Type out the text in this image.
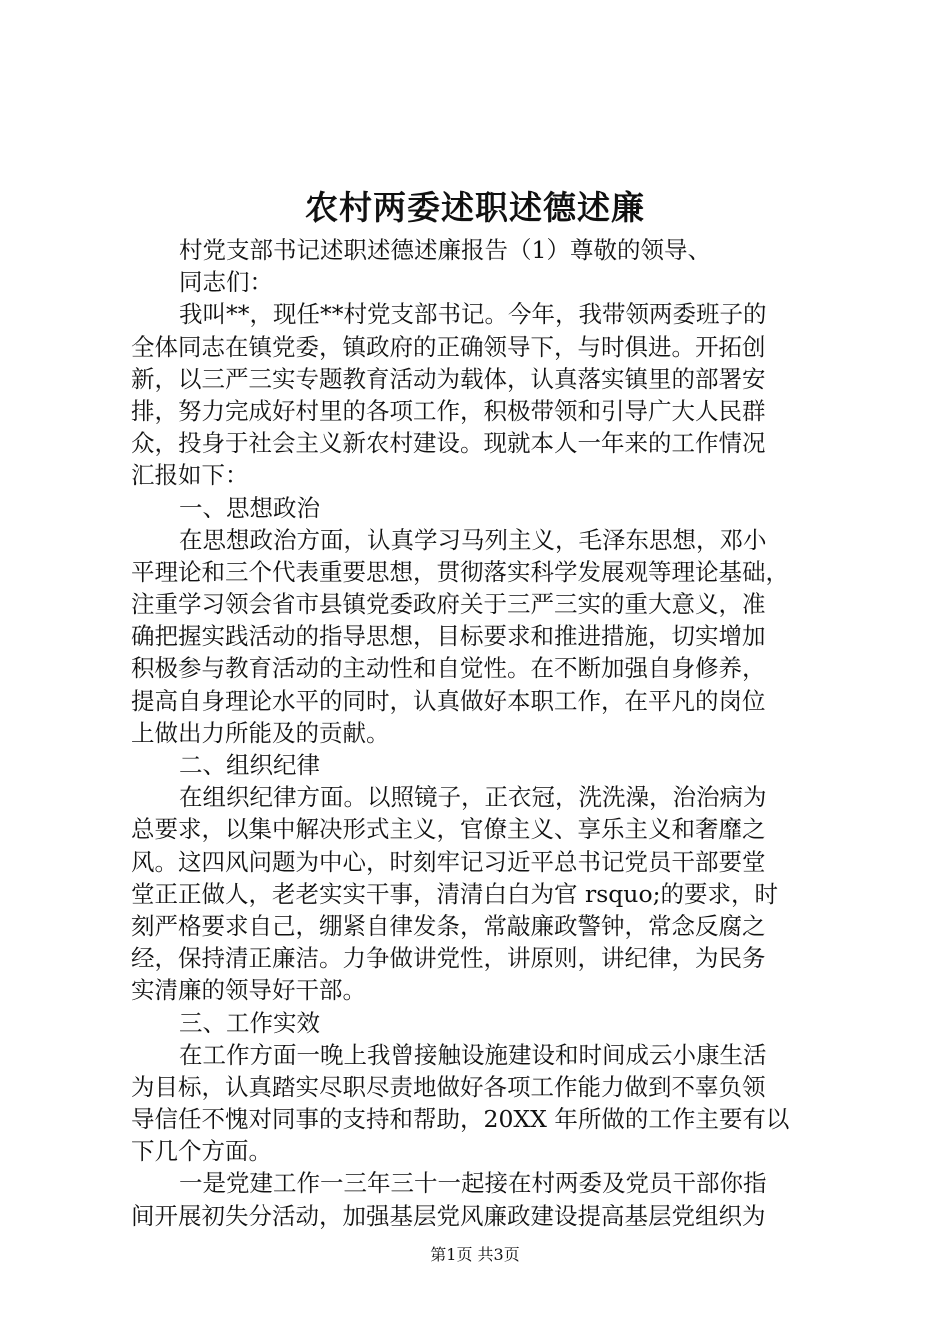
农村两委述职述德述廉
村党支部书记述职述德述廉报告（1）尊敬的领导、
同志们：
我叫**，现任**村党支部书记。今年，我带领两委班子的
全体同志在镇党委，镇政府的正确领导下，与时俱进。开拓创
新，以三严三实专题教育活动为载体，认真落实镇里的部署安
排，努力完成好村里的各项工作，积极带领和引导广大人民群
众，投身于社会主义新农村建设。现就本人一年来的工作情况
汇报如下：
一、思想政治
在思想政治方面，认真学习马列主义，毛泽东思想，邓小
平理论和三个代表重要思想，贯彻落实科学发展观等理论基础，
注重学习领会省市县镇党委政府关于三严三实的重大意义，准
确把握实践活动的指导思想，目标要求和推进措施，切实增加
积极参与教育活动的主动性和自觉性。在不断加强自身修养，
提高自身理论水平的同时，认真做好本职工作，在平凡的岗位
上做出力所能及的贡献。
二、组织纪律
在组织纪律方面。以照镜子，正衣冠，洗洗澡，治治病为
总要求，以集中解决形式主义，官僚主义、享乐主义和奢靡之
风。这四风问题为中心，时刻牢记习近平总书记党员干部要堂
堂正正做人，老老实实干事，清清白白为官 rsquo;的要求，时
刻严格要求自己，绷紧自律发条，常敲廉政警钟，常念反腐之
经，保持清正廉洁。力争做讲党性，讲原则，讲纪律，为民务
实清廉的领导好干部。
三、工作实效
在工作方面一晚上我曾接触设施建设和时间成云小康生活
为目标，认真踏实尽职尽责地做好各项工作能力做到不辜负领
导信任不愧对同事的支持和帮助，20XX 年所做的工作主要有以
下几个方面。
一是党建工作一三年三十一起接在村两委及党员干部你指
间开展初失分活动，加强基层党风廉政建设提高基层党组织为
第1页 共3页
